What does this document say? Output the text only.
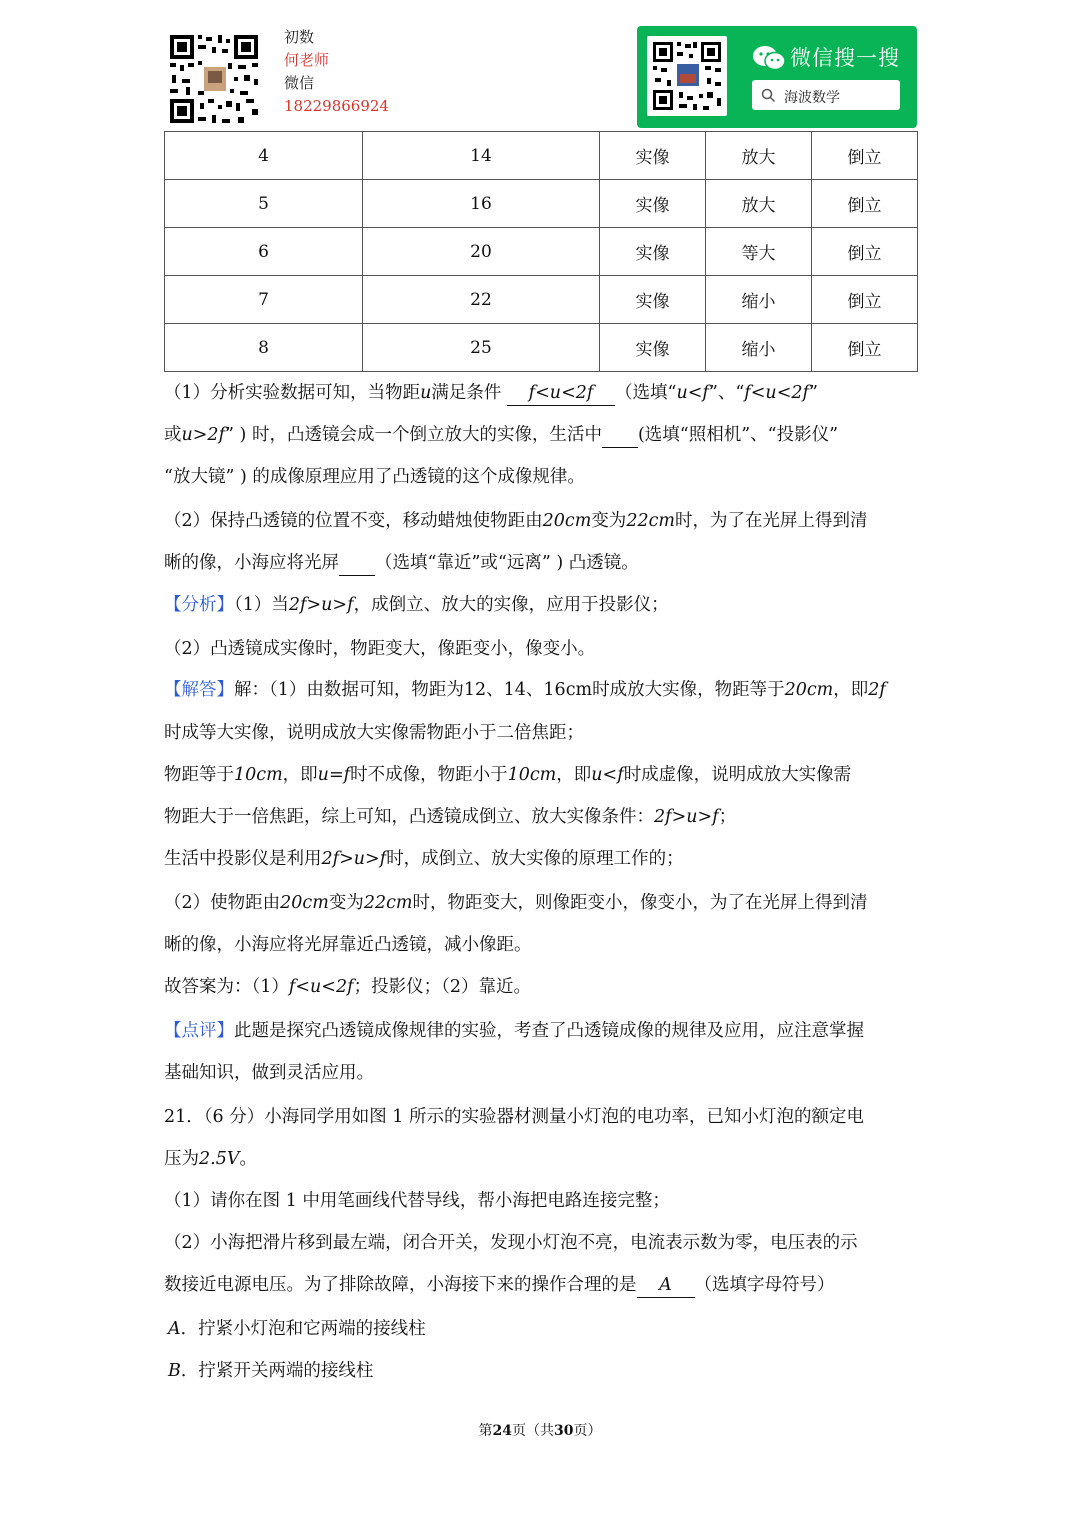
初数
何老师
微信
18229866924
微信搜一搜
海波数学
4	14	实像	放大	倒立
5	16	实像	放大	倒立
6	20	实像	等大	倒立
7	22	实像	缩小	倒立
8	25	实像	缩小	倒立
（1）分析实验数据可知，当物距u满足条件 f<u<2f （选填“u<f”、“f<u<2f”
或u>2f” ) 时，凸透镜会成一个倒立放大的实像，生活中 (选填“照相机”、“投影仪”
“放大镜” ) 的成像原理应用了凸透镜的这个成像规律。
（2）保持凸透镜的位置不变，移动蜡烛使物距由20cm变为22cm时，为了在光屏上得到清
晰的像，小海应将光屏 （选填“靠近”或“远离” ) 凸透镜。
【分析】（1）当2f>u>f，成倒立、放大的实像，应用于投影仪；
（2）凸透镜成实像时，物距变大，像距变小，像变小。
【解答】解：（1）由数据可知，物距为12、14、16cm时成放大实像，物距等于20cm，即2f
时成等大实像，说明成放大实像需物距小于二倍焦距；
物距等于10cm，即u=f时不成像，物距小于10cm，即u<f时成虚像，说明成放大实像需
物距大于一倍焦距，综上可知，凸透镜成倒立、放大实像条件：2f>u>f；
生活中投影仪是利用2f>u>f时，成倒立、放大实像的原理工作的；
（2）使物距由20cm变为22cm时，物距变大，则像距变小，像变小，为了在光屏上得到清
晰的像，小海应将光屏靠近凸透镜，减小像距。
故答案为：（1）f<u<2f；投影仪；（2）靠近。
【点评】此题是探究凸透镜成像规律的实验，考查了凸透镜成像的规律及应用，应注意掌握
基础知识，做到灵活应用。
21．（6 分）小海同学用如图 1 所示的实验器材测量小灯泡的电功率，已知小灯泡的额定电
压为2.5V。
（1）请你在图 1 中用笔画线代替导线，帮小海把电路连接完整；
（2）小海把滑片移到最左端，闭合开关，发现小灯泡不亮，电流表示数为零，电压表的示
数接近电源电压。为了排除故障，小海接下来的操作合理的是 A （选填字母符号）
A．拧紧小灯泡和它两端的接线柱
B．拧紧开关两端的接线柱
第24页（共30页）
